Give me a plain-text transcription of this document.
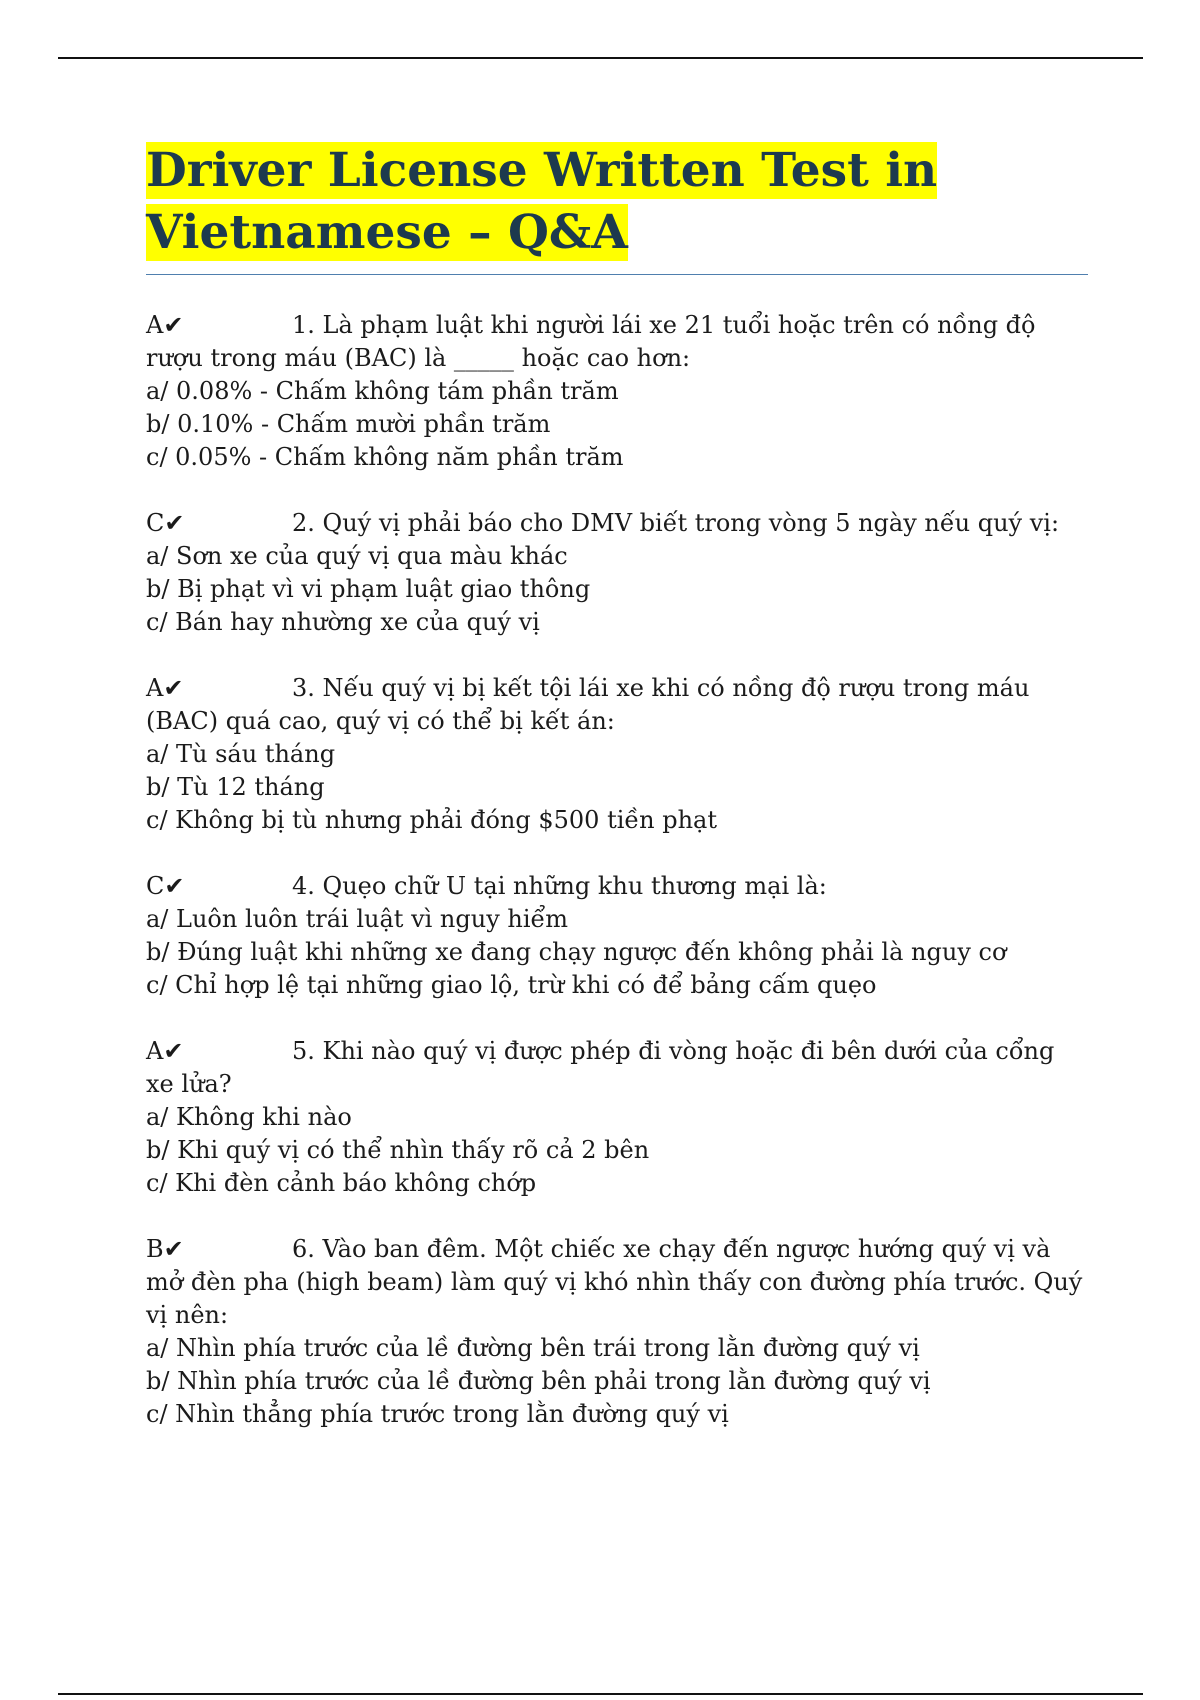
Driver License Written Test in
Vietnamese – Q&A

A✔	1. Là phạm luật khi người lái xe 21 tuổi hoặc trên có nồng độ rượu trong máu (BAC) là _____ hoặc cao hơn:

a/ 0.08% - Chấm không tám phần trăm

b/ 0.10% - Chấm mười phần trăm

c/ 0.05% - Chấm không năm phần trăm

C✔	2. Quý vị phải báo cho DMV biết trong vòng 5 ngày nếu quý vị:

a/ Sơn xe của quý vị qua màu khác

b/ Bị phạt vì vi phạm luật giao thông

c/ Bán hay nhường xe của quý vị

A✔	3. Nếu quý vị bị kết tội lái xe khi có nồng độ rượu trong máu (BAC) quá cao, quý vị có thể bị kết án:

a/ Tù sáu tháng

b/ Tù 12 tháng

c/ Không bị tù nhưng phải đóng $500 tiền phạt

C✔	4. Quẹo chữ U tại những khu thương mại là:

a/ Luôn luôn trái luật vì nguy hiểm

b/ Đúng luật khi những xe đang chạy ngược đến không phải là nguy cơ

c/ Chỉ hợp lệ tại những giao lộ, trừ khi có để bảng cấm quẹo

A✔	5. Khi nào quý vị được phép đi vòng hoặc đi bên dưới của cổng xe lửa?

a/ Không khi nào

b/ Khi quý vị có thể nhìn thấy rõ cả 2 bên

c/ Khi đèn cảnh báo không chớp

B✔	6. Vào ban đêm. Một chiếc xe chạy đến ngược hướng quý vị và mở đèn pha (high beam) làm quý vị khó nhìn thấy con đường phía trước. Quý vị nên:

a/ Nhìn phía trước của lề đường bên trái trong lằn đường quý vị

b/ Nhìn phía trước của lề đường bên phải trong lằn đường quý vị

c/ Nhìn thẳng phía trước trong lằn đường quý vị
